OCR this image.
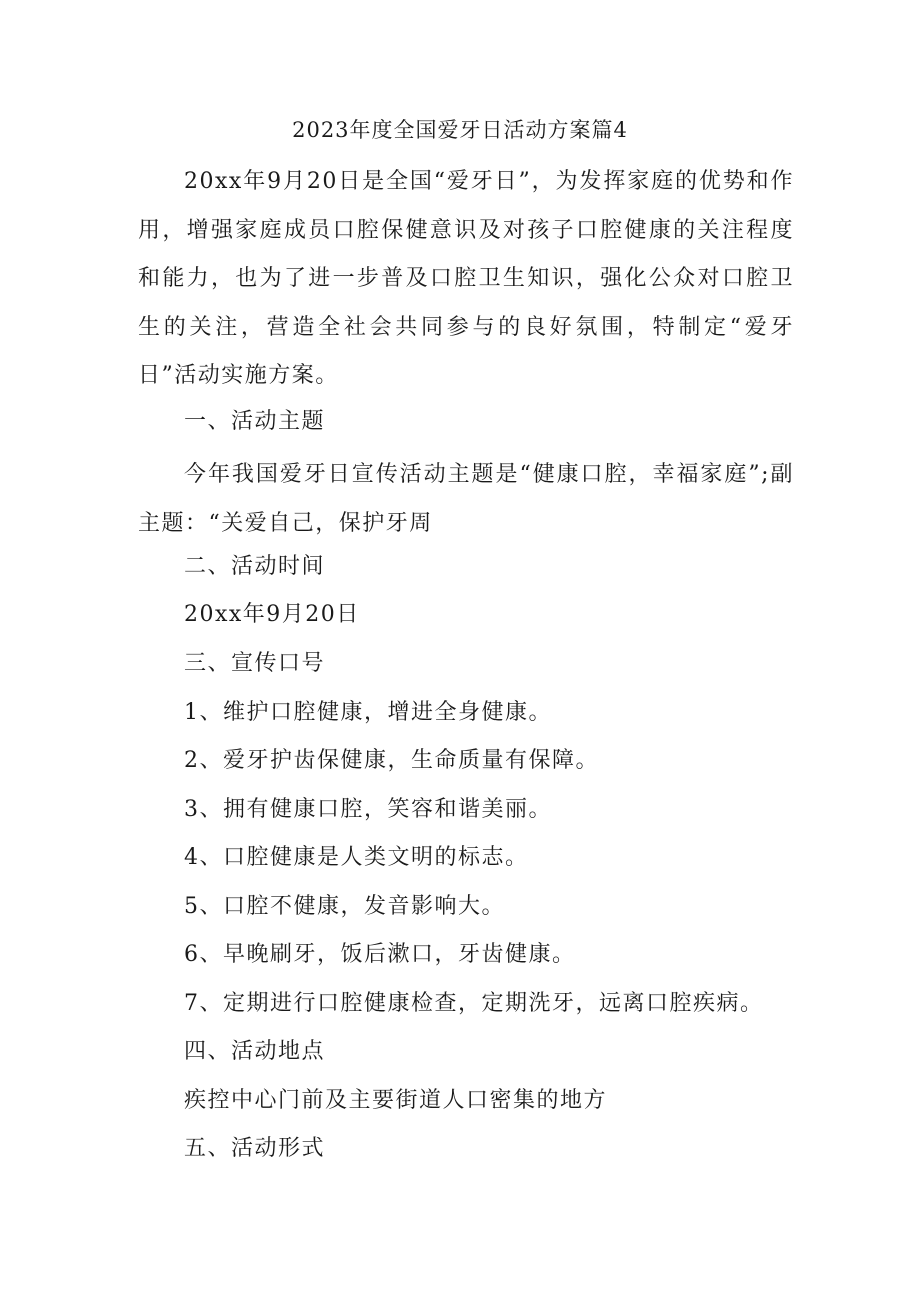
2023年度全国爱牙日活动方案篇4

20xx年9月20日是全国“爱牙日”，为发挥家庭的优势和作用，增强家庭成员口腔保健意识及对孩子口腔健康的关注程度和能力，也为了进一步普及口腔卫生知识，强化公众对口腔卫生的关注，营造全社会共同参与的良好氛围，特制定“爱牙日”活动实施方案。

一、活动主题

今年我国爱牙日宣传活动主题是“健康口腔，幸福家庭”;副主题：“关爱自己，保护牙周

二、活动时间
20xx年9月20日
三、宣传口号
1、维护口腔健康，增进全身健康。
2、爱牙护齿保健康，生命质量有保障。
3、拥有健康口腔，笑容和谐美丽。
4、口腔健康是人类文明的标志。
5、口腔不健康，发音影响大。
6、早晚刷牙，饭后漱口，牙齿健康。
7、定期进行口腔健康检查，定期洗牙，远离口腔疾病。
四、活动地点
疾控中心门前及主要街道人口密集的地方
五、活动形式
